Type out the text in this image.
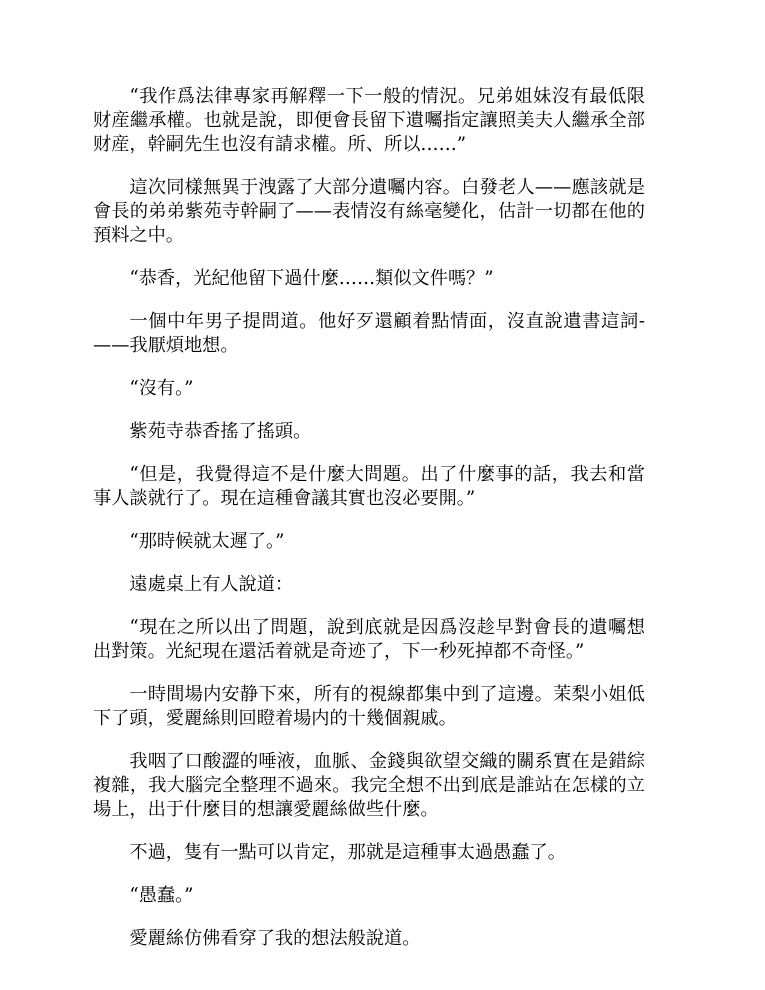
“我作爲法律專家再解釋一下一般的情況。兄弟姐妹沒有最低限财産繼承權。也就是說，即便會長留下遺囑指定讓照美夫人繼承全部财産，幹嗣先生也沒有請求權。所、所以……”

這次同樣無異于洩露了大部分遺囑内容。白發老人——應該就是會長的弟弟紫苑寺幹嗣了——表情沒有絲毫變化，估計一切都在他的預料之中。

“恭香，光紀他留下過什麼……類似文件嗎？”

一個中年男子提問道。他好歹還顧着點情面，沒直說遺書這詞-——我厭煩地想。

“沒有。”

紫苑寺恭香搖了搖頭。

“但是，我覺得這不是什麼大問題。出了什麼事的話，我去和當事人談就行了。現在這種會議其實也沒必要開。”

“那時候就太遲了。”

遠處桌上有人說道：

“現在之所以出了問題，說到底就是因爲沒趁早對會長的遺囑想出對策。光紀現在還活着就是奇迹了，下一秒死掉都不奇怪。”

一時間場内安静下來，所有的視線都集中到了這邊。茉梨小姐低下了頭，愛麗絲則回瞪着場内的十幾個親戚。

我咽了口酸澀的唾液，血脈、金錢與欲望交織的關系實在是錯綜複雜，我大腦完全整理不過來。我完全想不出到底是誰站在怎樣的立場上，出于什麼目的想讓愛麗絲做些什麼。

不過，隻有一點可以肯定，那就是這種事太過愚蠢了。

“愚蠢。”

愛麗絲仿佛看穿了我的想法般說道。
